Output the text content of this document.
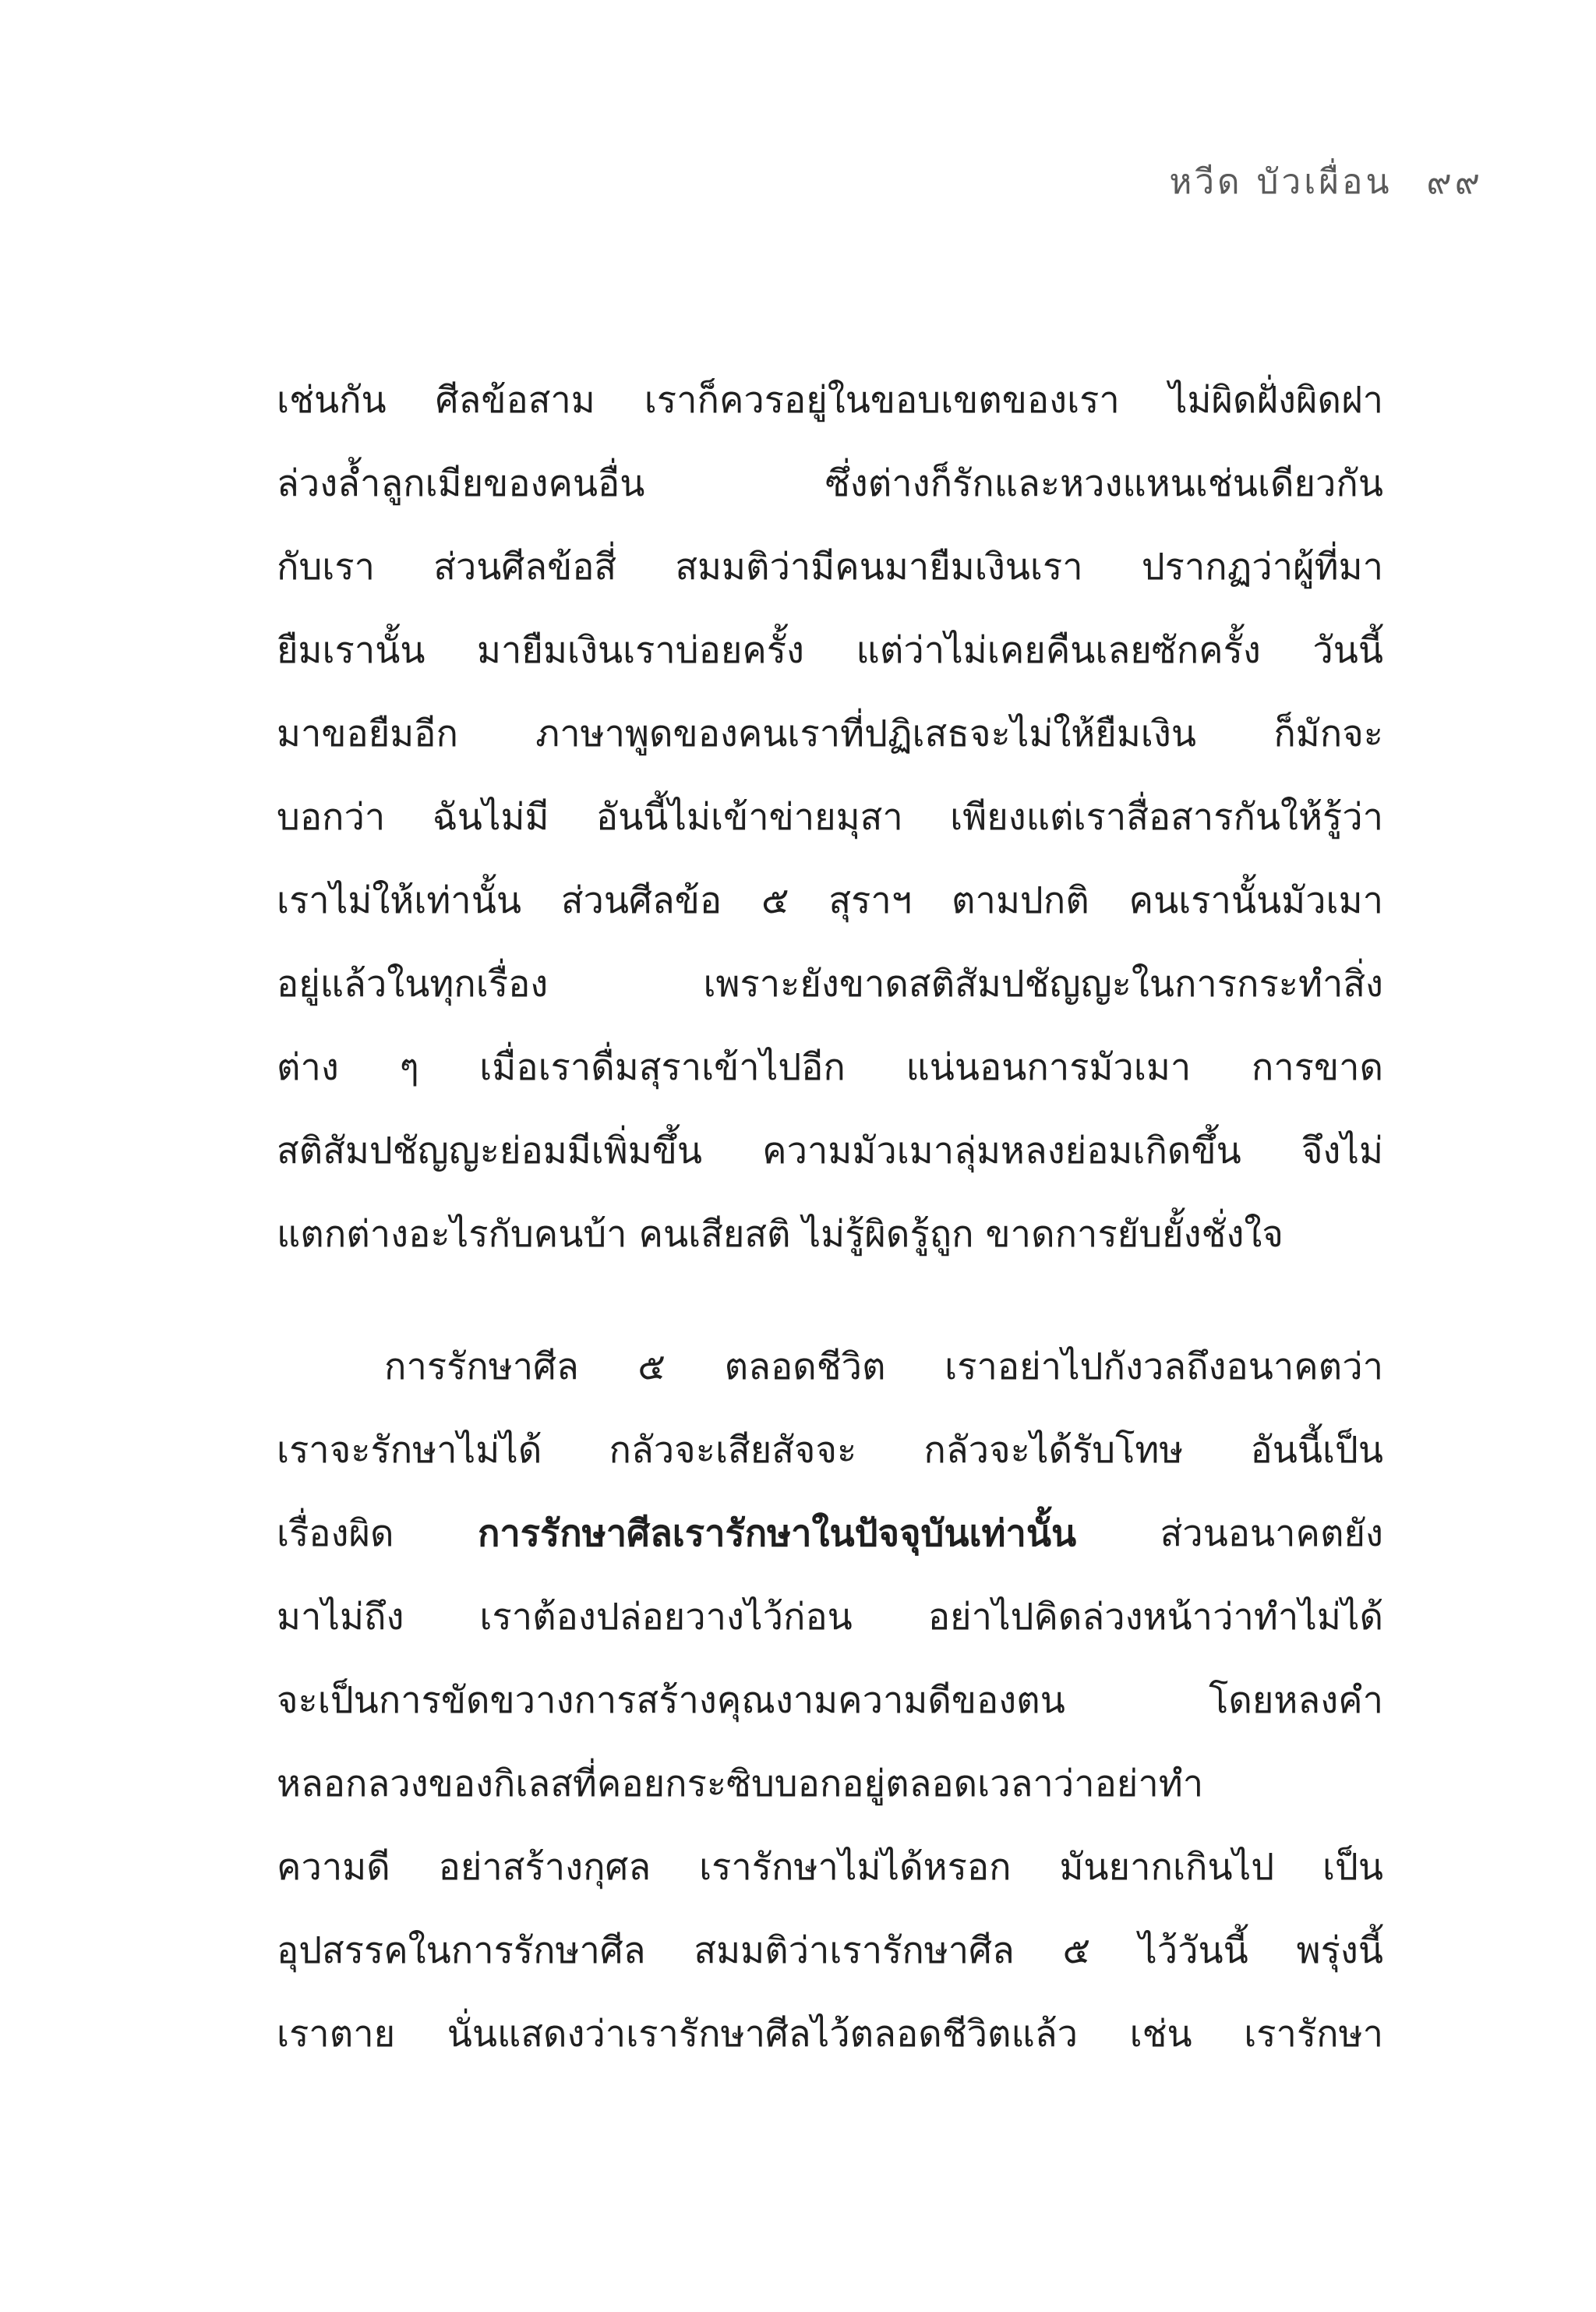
หวีด บัวเผื่อน ๙๙
เช่นกัน ศีลข้อสาม เราก็ควรอยู่ในขอบเขตของเรา ไม่ผิดฝั่งผิดฝา
ล่วงล้ำลูกเมียของคนอื่น ซึ่งต่างก็รักและหวงแหนเช่นเดียวกัน
กับเรา ส่วนศีลข้อสี่ สมมติว่ามีคนมายืมเงินเรา ปรากฏว่าผู้ที่มา
ยืมเรานั้น มายืมเงินเราบ่อยครั้ง แต่ว่าไม่เคยคืนเลยซักครั้ง วันนี้
มาขอยืมอีก ภาษาพูดของคนเราที่ปฏิเสธจะไม่ให้ยืมเงิน ก็มักจะ
บอกว่า ฉันไม่มี อันนี้ไม่เข้าข่ายมุสา เพียงแต่เราสื่อสารกันให้รู้ว่า
เราไม่ให้เท่านั้น ส่วนศีลข้อ ๕ สุราฯ ตามปกติ คนเรานั้นมัวเมา
อยู่แล้วในทุกเรื่อง เพราะยังขาดสติสัมปชัญญะในการกระทำสิ่ง
ต่าง ๆ เมื่อเราดื่มสุราเข้าไปอีก แน่นอนการมัวเมา การขาด
สติสัมปชัญญะย่อมมีเพิ่มขึ้น ความมัวเมาลุ่มหลงย่อมเกิดขึ้น จึงไม่
แตกต่างอะไรกับคนบ้า คนเสียสติ ไม่รู้ผิดรู้ถูก ขาดการยับยั้งชั่งใจ
การรักษาศีล ๕ ตลอดชีวิต เราอย่าไปกังวลถึงอนาคตว่า
เราจะรักษาไม่ได้ กลัวจะเสียสัจจะ กลัวจะได้รับโทษ อันนี้เป็น
เรื่องผิด การรักษาศีลเรารักษาในปัจจุบันเท่านั้น ส่วนอนาคตยัง
มาไม่ถึง เราต้องปล่อยวางไว้ก่อน อย่าไปคิดล่วงหน้าว่าทำไม่ได้
จะเป็นการขัดขวางการสร้างคุณงามความดีของตน โดยหลงคำ
หลอกลวงของกิเลสที่คอยกระซิบบอกอยู่ตลอดเวลาว่าอย่าทำ
ความดี อย่าสร้างกุศล เรารักษาไม่ได้หรอก มันยากเกินไป เป็น
อุปสรรคในการรักษาศีล สมมติว่าเรารักษาศีล ๕ ไว้วันนี้ พรุ่งนี้
เราตาย นั่นแสดงว่าเรารักษาศีลไว้ตลอดชีวิตแล้ว เช่น เรารักษา
